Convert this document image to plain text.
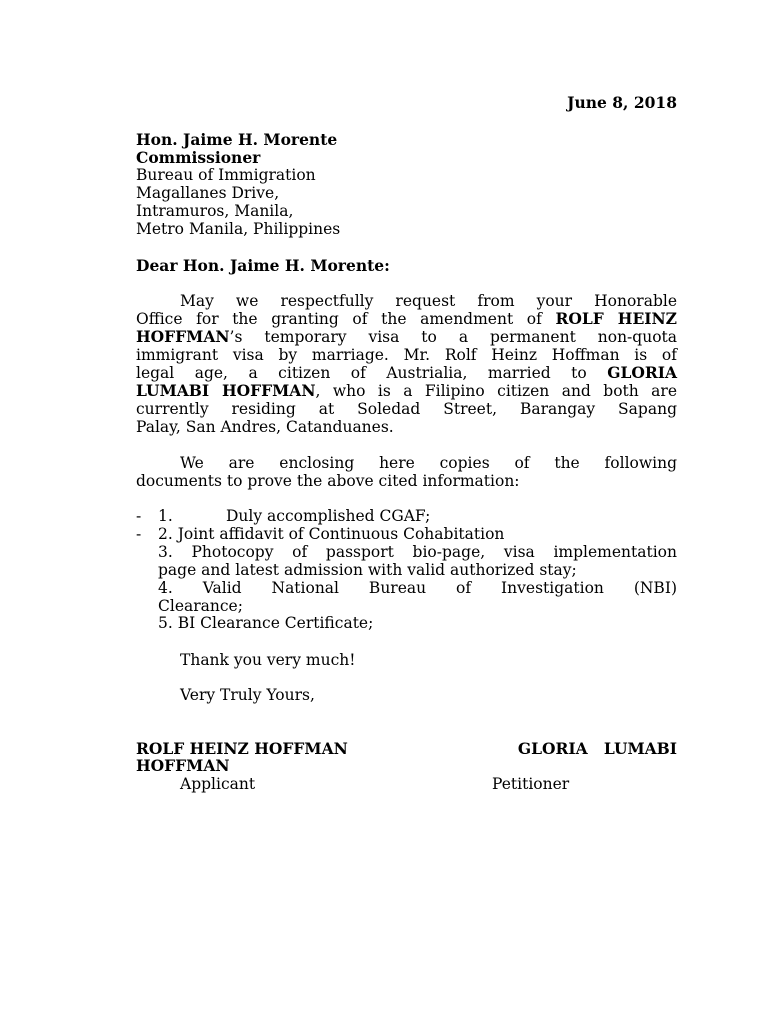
June 8, 2018
Hon. Jaime H. Morente
Commissioner
Bureau of Immigration
Magallanes Drive,
Intramuros, Manila,
Metro Manila, Philippines
Dear Hon. Jaime H. Morente:
May we respectfully request from your Honorable
Office for the granting of the amendment of ROLF HEINZ
HOFFMAN’s temporary visa to a permanent non-quota
immigrant visa by marriage. Mr. Rolf Heinz Hoffman is of
legal age, a citizen of Austrialia, married to GLORIA
LUMABI HOFFMAN, who is a Filipino citizen and both are
currently residing at Soledad Street, Barangay Sapang
Palay, San Andres, Catanduanes.
We are enclosing here copies of the following
documents to prove the above cited information:
- 1.	Duly accomplished CGAF;
- 2. Joint affidavit of Continuous Cohabitation
3. Photocopy of passport bio-page, visa implementation
page and latest admission with valid authorized stay;
4. Valid National Bureau of Investigation (NBI)
Clearance;
5. BI Clearance Certificate;
Thank you very much!
Very Truly Yours,
ROLF HEINZ HOFFMAN	GLORIA   LUMABI
HOFFMAN
Applicant	Petitioner
